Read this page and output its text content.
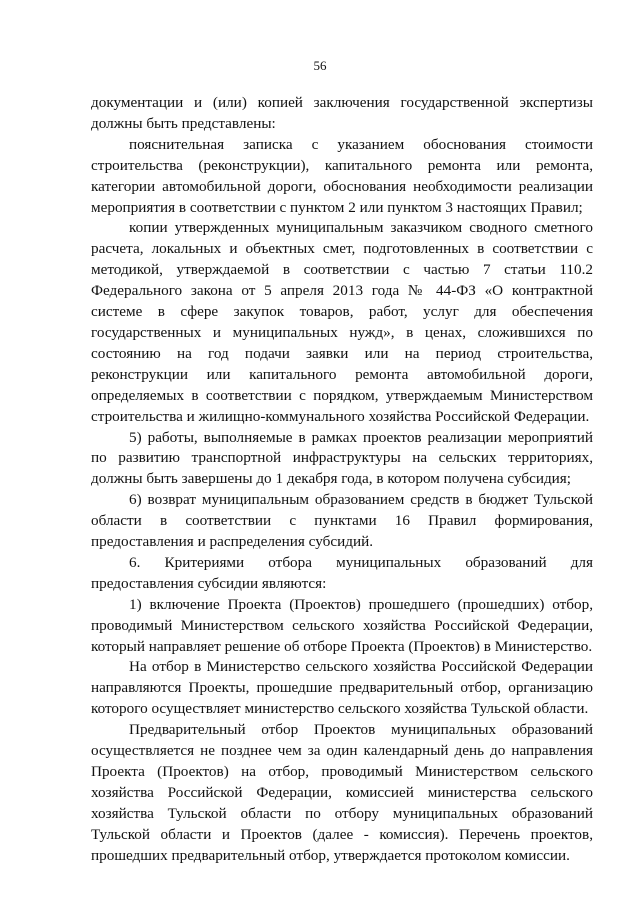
56

документации и (или) копией заключения государственной экспертизы должны быть представлены:

пояснительная записка с указанием обоснования стоимости строительства (реконструкции), капитального ремонта или ремонта, категории автомобильной дороги, обоснования необходимости реализации мероприятия в соответствии с пунктом 2 или пунктом 3 настоящих Правил;

копии утвержденных муниципальным заказчиком сводного сметного расчета, локальных и объектных смет, подготовленных в соответствии с методикой, утверждаемой в соответствии с частью 7 статьи 110.2 Федерального закона от 5 апреля 2013 года № 44-ФЗ «О контрактной системе в сфере закупок товаров, работ, услуг для обеспечения государственных и муниципальных нужд», в ценах, сложившихся по состоянию на год подачи заявки или на период строительства, реконструкции или капитального ремонта автомобильной дороги, определяемых в соответствии с порядком, утверждаемым Министерством строительства и жилищно-коммунального хозяйства Российской Федерации.

5) работы, выполняемые в рамках проектов реализации мероприятий по развитию транспортной инфраструктуры на сельских территориях, должны быть завершены до 1 декабря года, в котором получена субсидия;

6) возврат муниципальным образованием средств в бюджет Тульской области в соответствии с пунктами 16 Правил формирования, предоставления и распределения субсидий.

6. Критериями отбора муниципальных образований для предоставления субсидии являются:

1) включение Проекта (Проектов) прошедшего (прошедших) отбор, проводимый Министерством сельского хозяйства Российской Федерации, который направляет решение об отборе Проекта (Проектов) в Министерство.

На отбор в Министерство сельского хозяйства Российской Федерации направляются Проекты, прошедшие предварительный отбор, организацию которого осуществляет министерство сельского хозяйства Тульской области.

Предварительный отбор Проектов муниципальных образований осуществляется не позднее чем за один календарный день до направления Проекта (Проектов) на отбор, проводимый Министерством сельского хозяйства Российской Федерации, комиссией министерства сельского хозяйства Тульской области по отбору муниципальных образований Тульской области и Проектов (далее - комиссия). Перечень проектов, прошедших предварительный отбор, утверждается протоколом комиссии.
